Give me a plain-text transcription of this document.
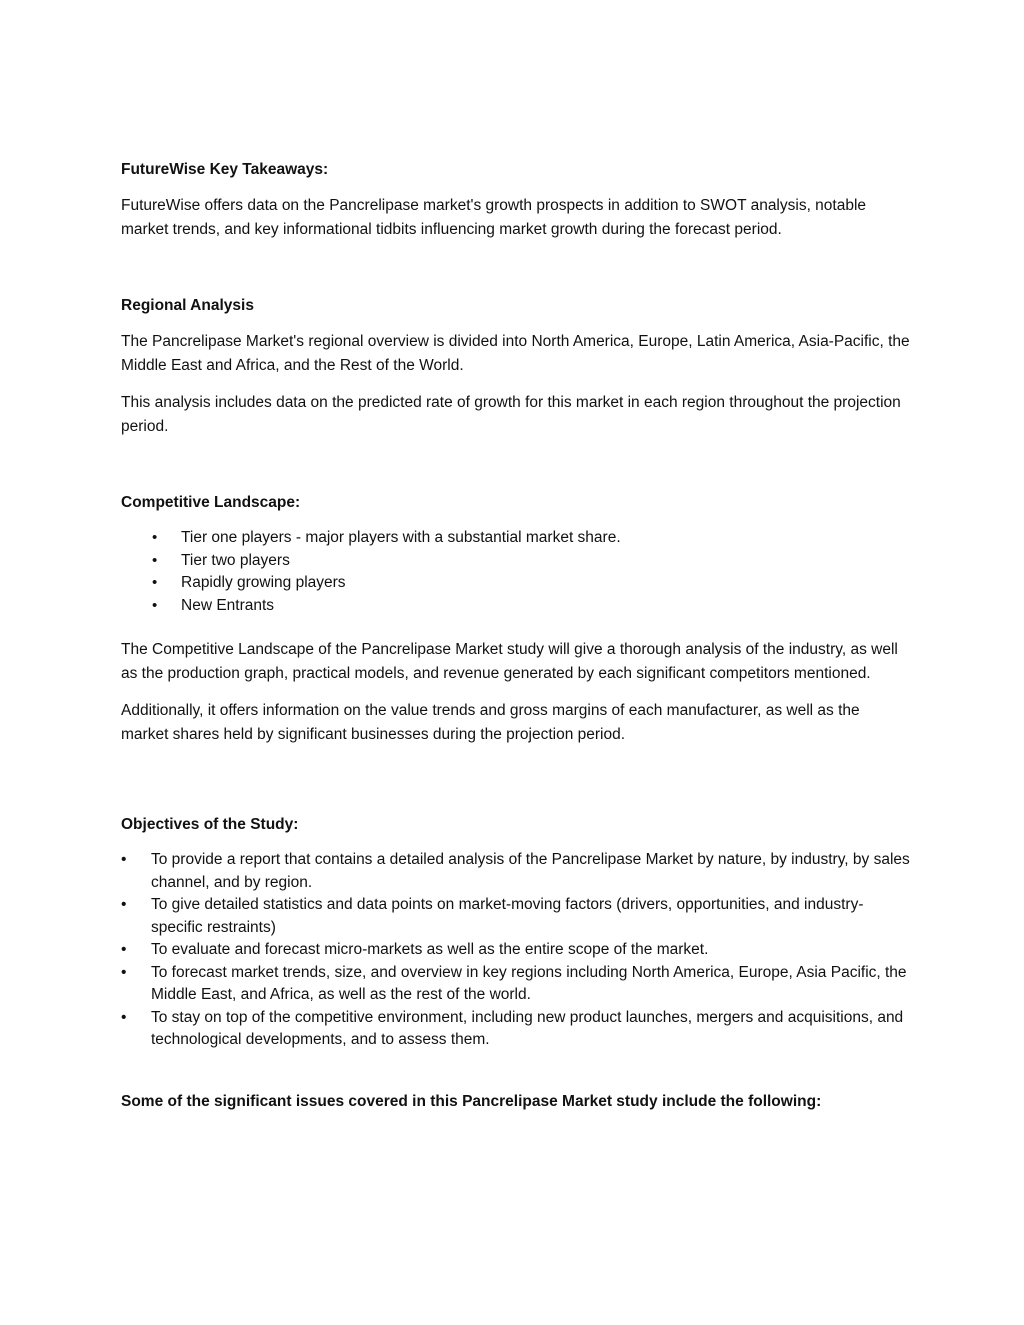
FutureWise Key Takeaways:
FutureWise offers data on the Pancrelipase market's growth prospects in addition to SWOT analysis, notable market trends, and key informational tidbits influencing market growth during the forecast period.
Regional Analysis
The Pancrelipase Market's regional overview is divided into North America, Europe, Latin America, Asia-Pacific, the Middle East and Africa, and the Rest of the World.
This analysis includes data on the predicted rate of growth for this market in each region throughout the projection period.
Competitive Landscape:
• Tier one players - major players with a substantial market share.
• Tier two players
• Rapidly growing players
• New Entrants
The Competitive Landscape of the Pancrelipase Market study will give a thorough analysis of the industry, as well as the production graph, practical models, and revenue generated by each significant competitors mentioned.
Additionally, it offers information on the value trends and gross margins of each manufacturer, as well as the market shares held by significant businesses during the projection period.
Objectives of the Study:
• To provide a report that contains a detailed analysis of the Pancrelipase Market by nature, by industry, by sales channel, and by region.
• To give detailed statistics and data points on market-moving factors (drivers, opportunities, and industry-specific restraints)
• To evaluate and forecast micro-markets as well as the entire scope of the market.
• To forecast market trends, size, and overview in key regions including North America, Europe, Asia Pacific, the Middle East, and Africa, as well as the rest of the world.
• To stay on top of the competitive environment, including new product launches, mergers and acquisitions, and technological developments, and to assess them.
Some of the significant issues covered in this Pancrelipase Market study include the following:
